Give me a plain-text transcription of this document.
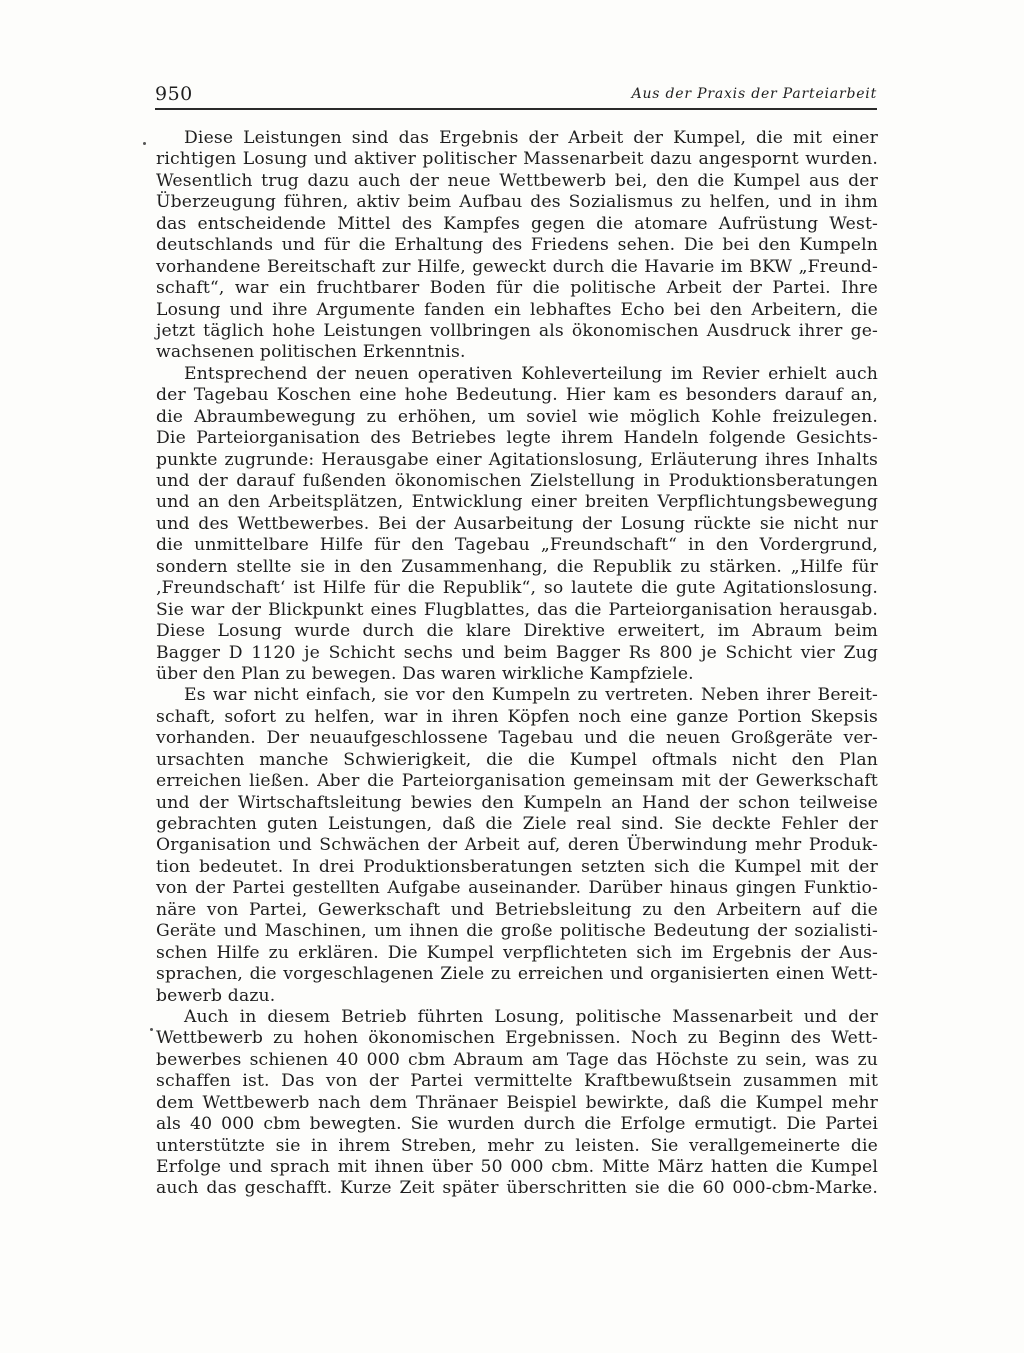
950	Aus der Praxis der Parteiarbeit
Diese Leistungen sind das Ergebnis der Arbeit der Kumpel, die mit einer
richtigen Losung und aktiver politischer Massenarbeit dazu angespornt wurden.
Wesentlich trug dazu auch der neue Wettbewerb bei, den die Kumpel aus der
Überzeugung führen, aktiv beim Aufbau des Sozialismus zu helfen, und in ihm
das entscheidende Mittel des Kampfes gegen die atomare Aufrüstung West-
deutschlands und für die Erhaltung des Friedens sehen. Die bei den Kumpeln
vorhandene Bereitschaft zur Hilfe, geweckt durch die Havarie im BKW „Freund-
schaft“, war ein fruchtbarer Boden für die politische Arbeit der Partei. Ihre
Losung und ihre Argumente fanden ein lebhaftes Echo bei den Arbeitern, die
jetzt täglich hohe Leistungen vollbringen als ökonomischen Ausdruck ihrer ge-
wachsenen politischen Erkenntnis.
Entsprechend der neuen operativen Kohleverteilung im Revier erhielt auch
der Tagebau Koschen eine hohe Bedeutung. Hier kam es besonders darauf an,
die Abraumbewegung zu erhöhen, um soviel wie möglich Kohle freizulegen.
Die Parteiorganisation des Betriebes legte ihrem Handeln folgende Gesichts-
punkte zugrunde: Herausgabe einer Agitationslosung, Erläuterung ihres Inhalts
und der darauf fußenden ökonomischen Zielstellung in Produktionsberatungen
und an den Arbeitsplätzen, Entwicklung einer breiten Verpflichtungsbewegung
und des Wettbewerbes. Bei der Ausarbeitung der Losung rückte sie nicht nur
die unmittelbare Hilfe für den Tagebau „Freundschaft“ in den Vordergrund,
sondern stellte sie in den Zusammenhang, die Republik zu stärken. „Hilfe für
‚Freundschaft‘ ist Hilfe für die Republik“, so lautete die gute Agitationslosung.
Sie war der Blickpunkt eines Flugblattes, das die Parteiorganisation herausgab.
Diese Losung wurde durch die klare Direktive erweitert, im Abraum beim
Bagger D 1120 je Schicht sechs und beim Bagger Rs 800 je Schicht vier Zug
über den Plan zu bewegen. Das waren wirkliche Kampfziele.
Es war nicht einfach, sie vor den Kumpeln zu vertreten. Neben ihrer Bereit-
schaft, sofort zu helfen, war in ihren Köpfen noch eine ganze Portion Skepsis
vorhanden. Der neuaufgeschlossene Tagebau und die neuen Großgeräte ver-
ursachten manche Schwierigkeit, die die Kumpel oftmals nicht den Plan
erreichen ließen. Aber die Parteiorganisation gemeinsam mit der Gewerkschaft
und der Wirtschaftsleitung bewies den Kumpeln an Hand der schon teilweise
gebrachten guten Leistungen, daß die Ziele real sind. Sie deckte Fehler der
Organisation und Schwächen der Arbeit auf, deren Überwindung mehr Produk-
tion bedeutet. In drei Produktionsberatungen setzten sich die Kumpel mit der
von der Partei gestellten Aufgabe auseinander. Darüber hinaus gingen Funktio-
näre von Partei, Gewerkschaft und Betriebsleitung zu den Arbeitern auf die
Geräte und Maschinen, um ihnen die große politische Bedeutung der sozialisti-
schen Hilfe zu erklären. Die Kumpel verpflichteten sich im Ergebnis der Aus-
sprachen, die vorgeschlagenen Ziele zu erreichen und organisierten einen Wett-
bewerb dazu.
Auch in diesem Betrieb führten Losung, politische Massenarbeit und der
Wettbewerb zu hohen ökonomischen Ergebnissen. Noch zu Beginn des Wett-
bewerbes schienen 40 000 cbm Abraum am Tage das Höchste zu sein, was zu
schaffen ist. Das von der Partei vermittelte Kraftbewußtsein zusammen mit
dem Wettbewerb nach dem Thränaer Beispiel bewirkte, daß die Kumpel mehr
als 40 000 cbm bewegten. Sie wurden durch die Erfolge ermutigt. Die Partei
unterstützte sie in ihrem Streben, mehr zu leisten. Sie verallgemeinerte die
Erfolge und sprach mit ihnen über 50 000 cbm. Mitte März hatten die Kumpel
auch das geschafft. Kurze Zeit später überschritten sie die 60 000-cbm-Marke.
